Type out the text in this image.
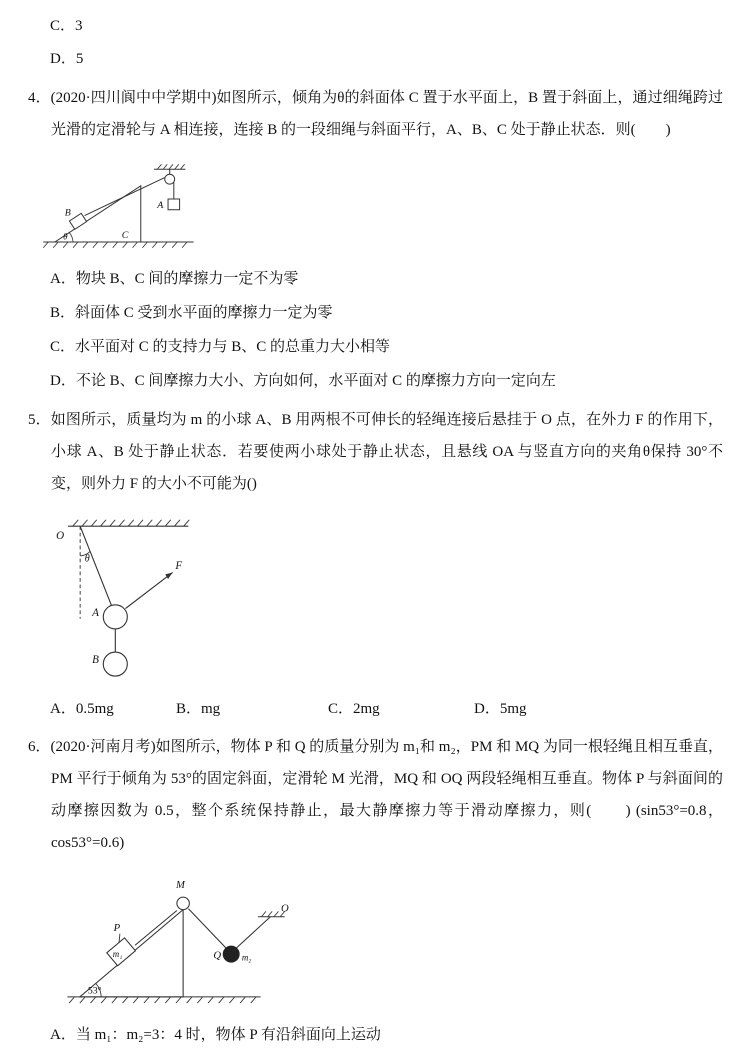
C．3
D．5

4．(2020·四川阆中中学期中)如图所示，倾角为θ的斜面体 C 置于水平面上，B 置于斜面上，通过细绳跨过光滑的定滑轮与 A 相连接，连接 B 的一段细绳与斜面平行，A、B、C 处于静止状态．则(　　)

B
A
θ	C
A．物块 B、C 间的摩擦力一定不为零
B．斜面体 C 受到水平面的摩擦力一定为零
C．水平面对 C 的支持力与 B、C 的总重力大小相等
D．不论 B、C 间摩擦力大小、方向如何，水平面对 C 的摩擦力方向一定向左

5．如图所示，质量均为 m 的小球 A、B 用两根不可伸长的轻绳连接后悬挂于 O 点，在外力 F 的作用下，小球 A、B 处于静止状态．若要使两小球处于静止状态，且悬线 OA 与竖直方向的夹角θ保持 30°不变，则外力 F 的大小不可能为()

O
θ
F
A
B
A．0.5mg	B．mg	C．2mg	D．5mg

6．(2020·河南月考)如图所示，物体 P 和 Q 的质量分别为 m₁和 m₂，PM 和 MQ 为同一根轻绳且相互垂直，PM 平行于倾角为 53°的固定斜面，定滑轮 M 光滑，MQ 和 OQ 两段轻绳相互垂直。物体 P 与斜面间的动摩擦因数为 0.5，整个系统保持静止，最大静摩擦力等于滑动摩擦力，则(　　) (sin53°=0.8，cos53°=0.6)

M
P
m₁	Q m₂
O
53°
A．当 m₁：m₂=3：4 时，物体 P 有沿斜面向上运动
